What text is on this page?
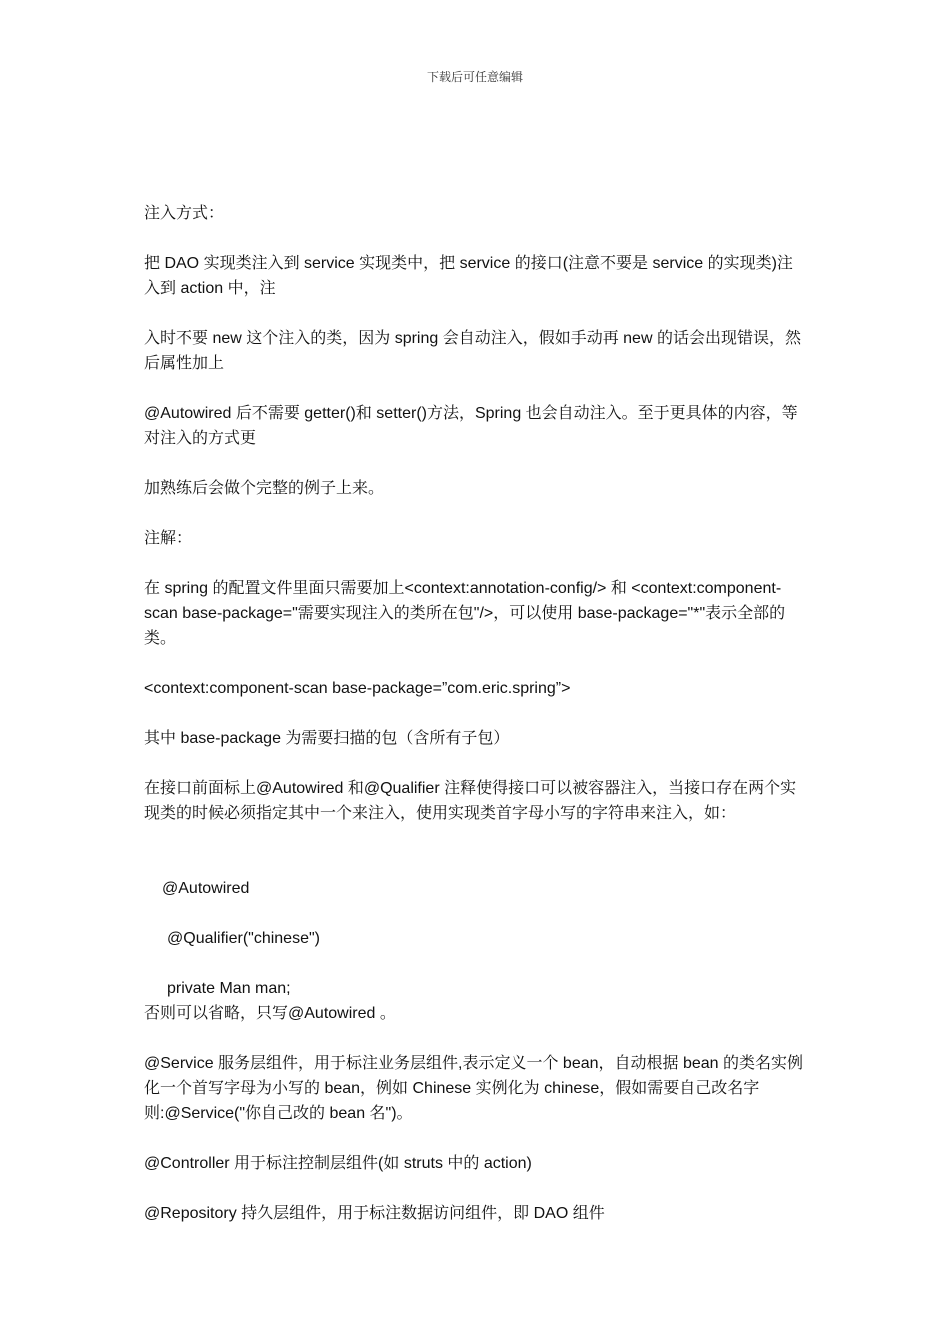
下载后可任意编辑

注入方式：

把 DAO 实现类注入到 service 实现类中，把 service 的接口(注意不要是 service 的实现类)注入到 action 中，注

入时不要 new 这个注入的类，因为 spring 会自动注入，假如手动再 new 的话会出现错误，然后属性加上

@Autowired 后不需要 getter()和 setter()方法，Spring 也会自动注入。至于更具体的内容，等对注入的方式更

加熟练后会做个完整的例子上来。

注解：

在 spring 的配置文件里面只需要加上<context:annotation-config/> 和 <context:component-scan base-package="需要实现注入的类所在包"/>，可以使用 base-package="*"表示全部的类。

<context:component-scan base-package=”com.eric.spring”>

其中 base-package 为需要扫描的包（含所有子包）

在接口前面标上@Autowired 和@Qualifier 注释使得接口可以被容器注入，当接口存在两个实现类的时候必须指定其中一个来注入，使用实现类首字母小写的字符串来注入，如：

@Autowired

@Qualifier("chinese")

private Man man;

否则可以省略，只写@Autowired 。

@Service 服务层组件，用于标注业务层组件,表示定义一个 bean，自动根据 bean 的类名实例化一个首写字母为小写的 bean，例如 Chinese 实例化为 chinese，假如需要自己改名字则:@Service("你自己改的 bean 名")。

@Controller 用于标注控制层组件(如 struts 中的 action)

@Repository 持久层组件，用于标注数据访问组件，即 DAO 组件
